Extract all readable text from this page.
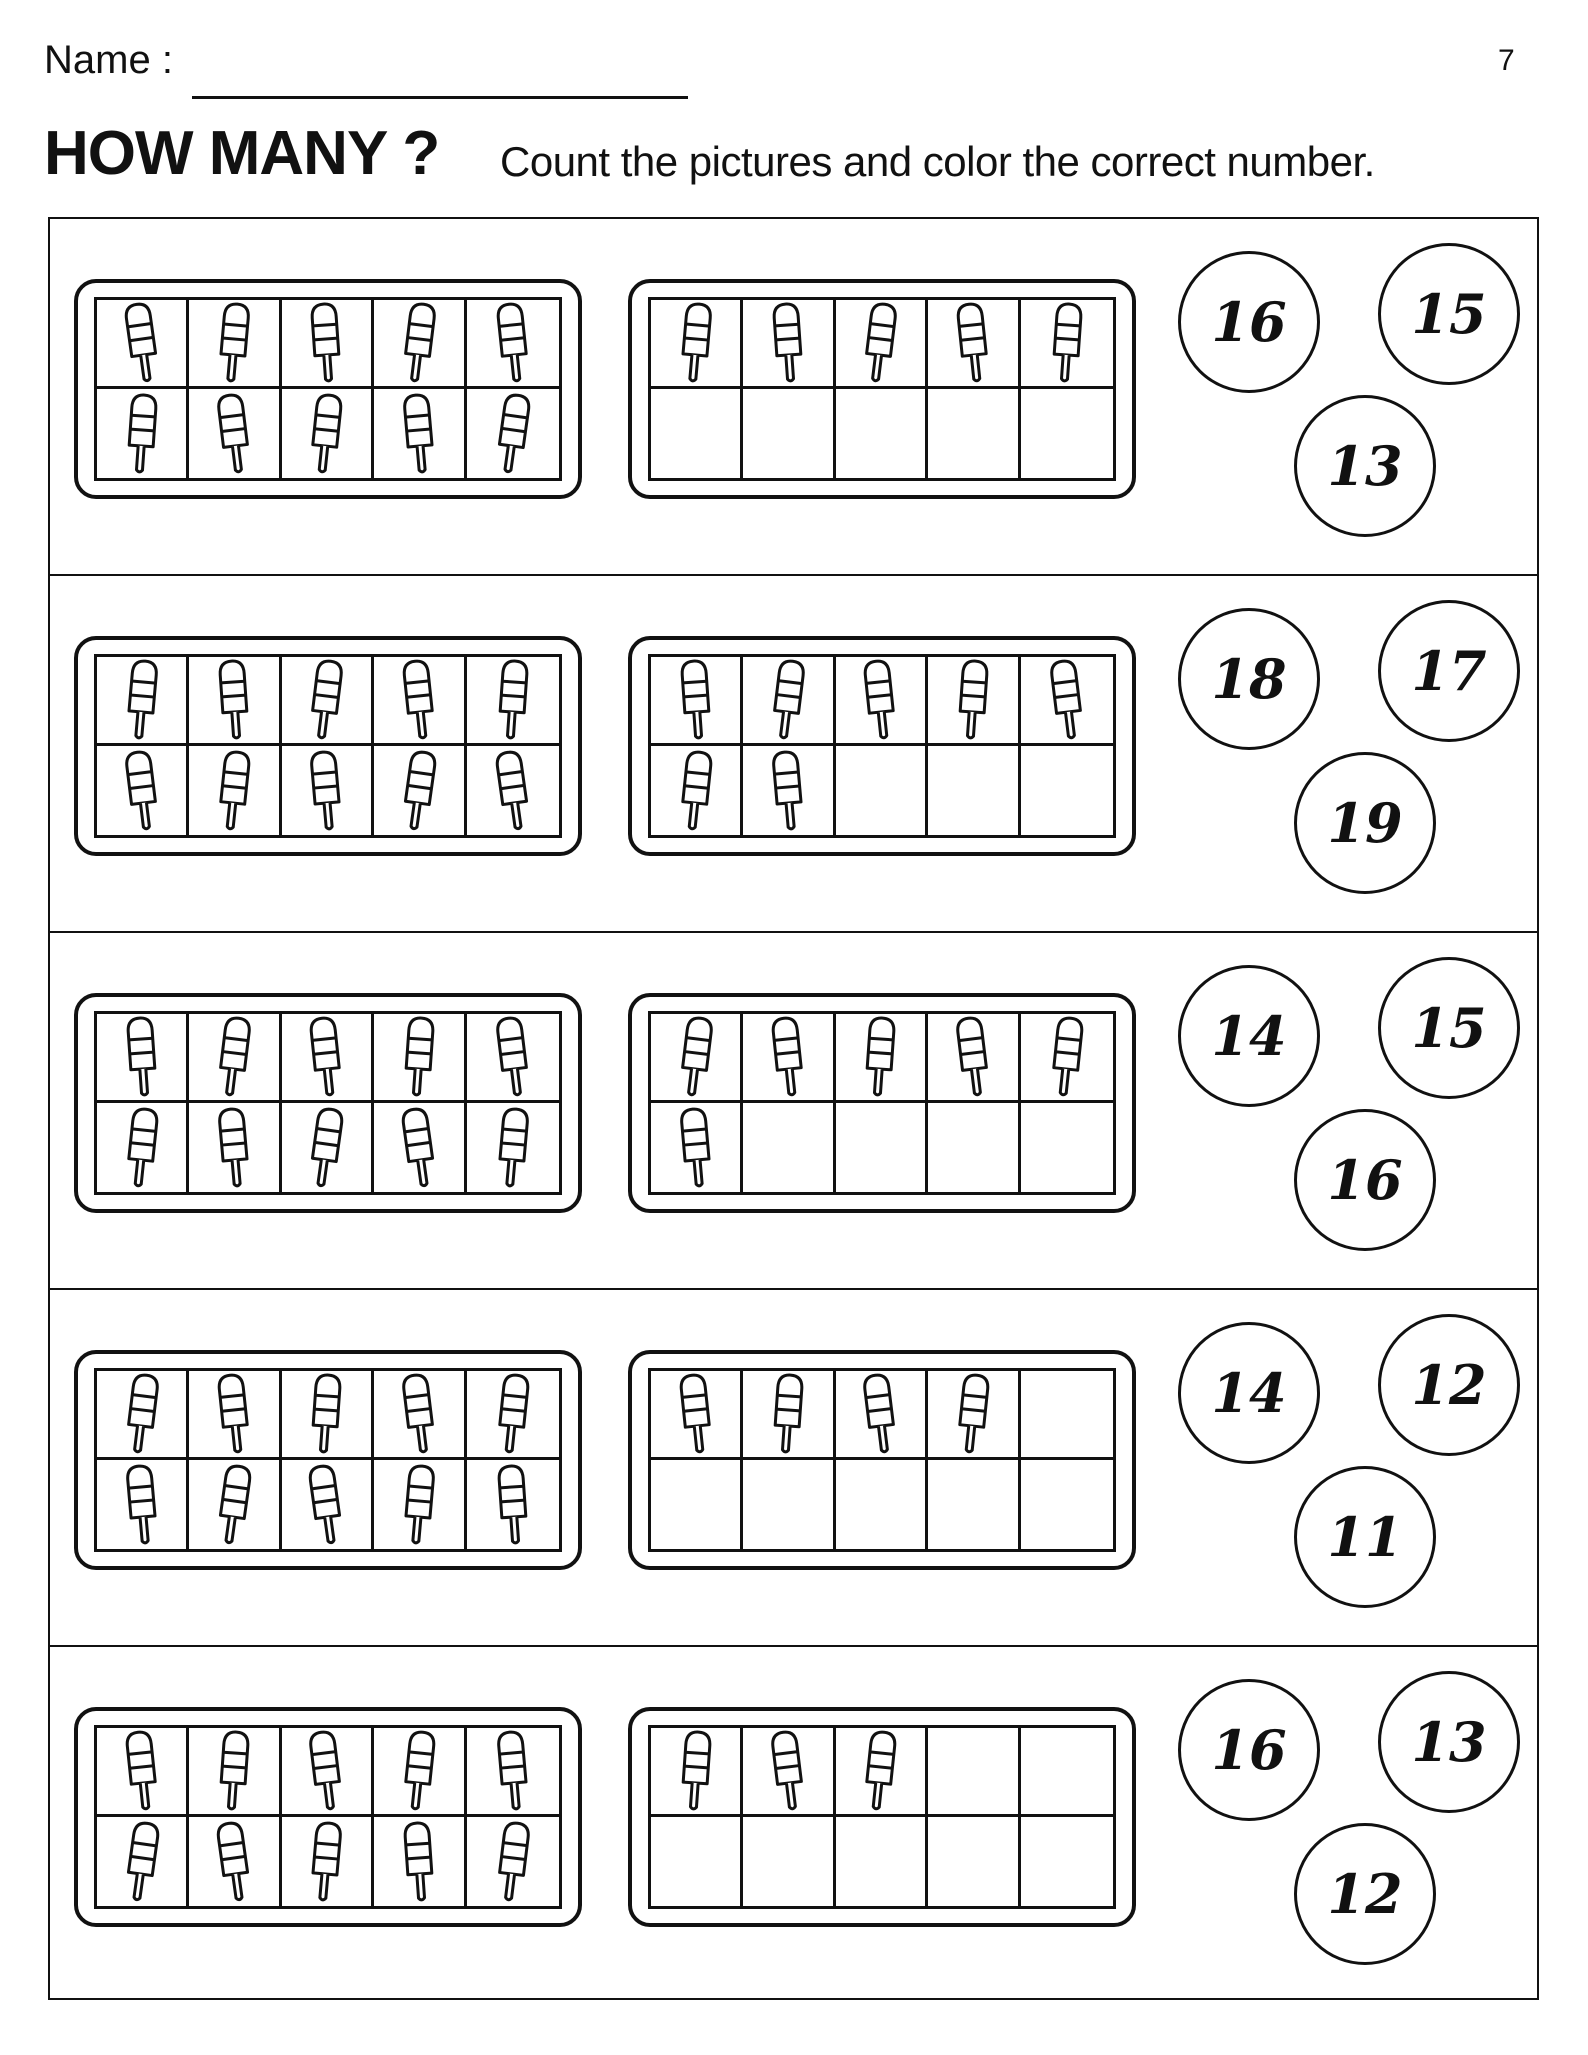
Name :	7
HOW MANY ? Count the pictures and color the correct number.
16	15
13
18	17
19
14	15
16
14	12
11
16	13
12
